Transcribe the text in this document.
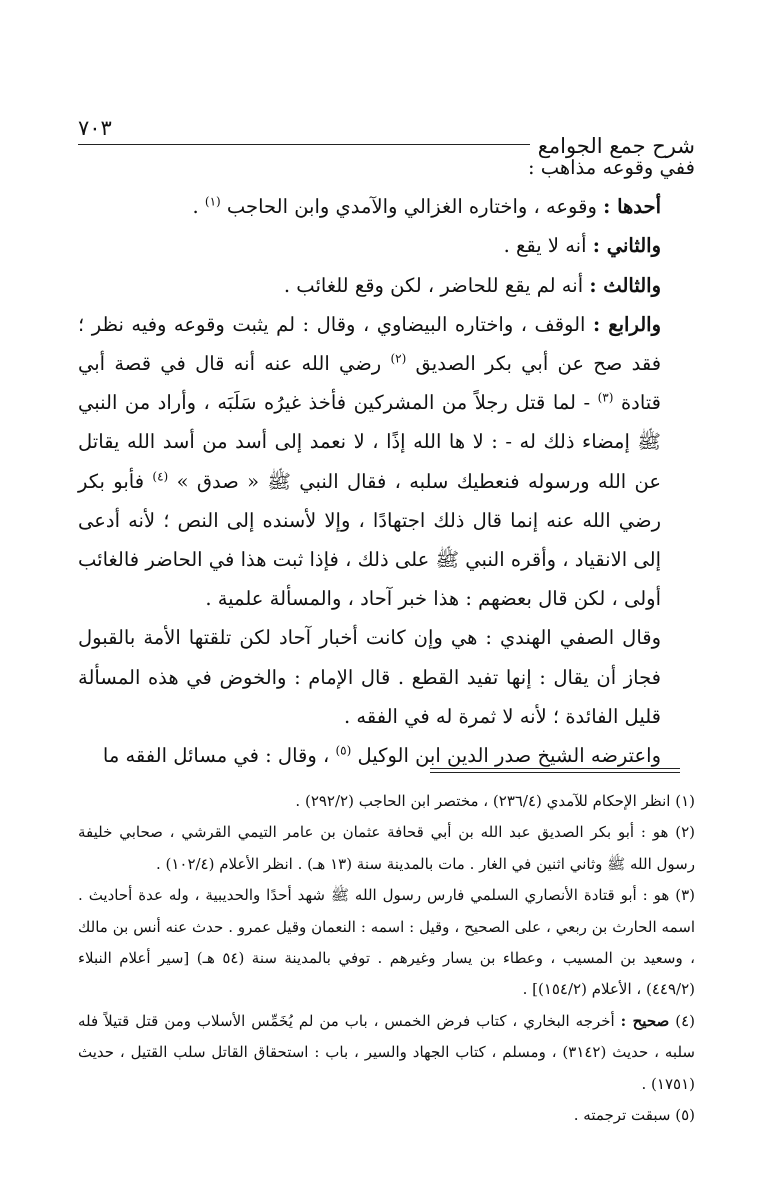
٧٠٣
شرح جمع الجوامع

ففي وقوعه مذاهب :

أحدها : وقوعه ، واختاره الغزالي والآمدي وابن الحاجب $^{(١)}$ .

والثاني : أنه لا يقع .

والثالث : أنه لم يقع للحاضر ، لكن وقع للغائب .

والرابع : الوقف ، واختاره البيضاوي ، وقال : لم يثبت وقوعه وفيه نظر ؛ فقد صح عن أبي بكر الصديق $^{(٢)}$ رضي الله عنه أنه قال في قصة أبي قتادة $^{(٣)}$ - لما قتل رجلاً من المشركين فأخذ غيرُه سَلَبَه ، وأراد من النبي ﷺ إمضاء ذلك له - : لا ها الله إذًا ، لا نعمد إلى أسد من أسد الله يقاتل عن الله ورسوله فنعطيك سلبه ، فقال النبي ﷺ « صدق » $^{(٤)}$ فأبو بكر رضي الله عنه إنما قال ذلك اجتهادًا ، وإلا لأسنده إلى النص ؛ لأنه أدعى إلى الانقياد ، وأقره النبي ﷺ على ذلك ، فإذا ثبت هذا في الحاضر فالغائب أولى ، لكن قال بعضهم : هذا خبر آحاد ، والمسألة علمية .

وقال الصفي الهندي : هي وإن كانت أخبار آحاد لكن تلقتها الأمة بالقبول فجاز أن يقال : إنها تفيد القطع . قال الإمام : والخوض في هذه المسألة قليل الفائدة ؛ لأنه لا ثمرة له في الفقه .

واعترضه الشيخ صدر الدين ابن الوكيل $^{(٥)}$ ، وقال : في مسائل الفقه ما

(١) انظر الإحكام للآمدي (٢٣٦/٤) ، مختصر ابن الحاجب (٢٩٢/٢) .

(٢) هو : أبو بكر الصديق عبد الله بن أبي قحافة عثمان بن عامر التيمي القرشي ، صحابي خليفة رسول الله ﷺ وثاني اثنين في الغار . مات بالمدينة سنة (١٣ هـ) . انظر الأعلام (١٠٢/٤) .

(٣) هو : أبو قتادة الأنصاري السلمي فارس رسول الله ﷺ شهد أحدًا والحديبية ، وله عدة أحاديث . اسمه الحارث بن ربعي ، على الصحيح ، وقيل : اسمه : النعمان وقيل عمرو . حدث عنه أنس بن مالك ، وسعيد بن المسيب ، وعطاء بن يسار وغيرهم . توفي بالمدينة سنة (٥٤ هـ) [سير أعلام النبلاء (٤٤٩/٢) ، الأعلام (١٥٤/٢)] .

(٤) صحيح : أخرجه البخاري ، كتاب فرض الخمس ، باب من لم يُخَمِّس الأسلاب ومن قتل قتيلاً فله سلبه ، حديث (٣١٤٢) ، ومسلم ، كتاب الجهاد والسير ، باب : استحقاق القاتل سلب القتيل ، حديث (١٧٥١) .

(٥) سبقت ترجمته .
